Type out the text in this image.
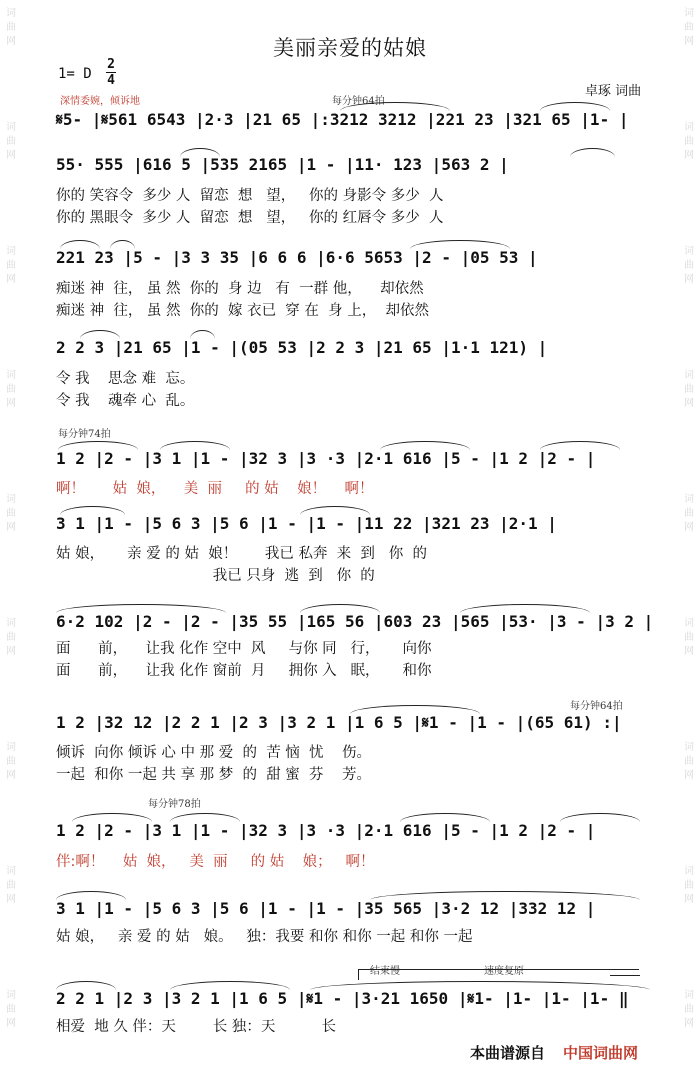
词
曲
网
词
曲
网
词
曲
网
词
曲
网
词
曲
网
词
曲
网
词
曲
网
词
曲
网
词
曲
网
词
曲
网
词
曲
网
词
曲
网
词
曲
网
词
曲
网
词
曲
网
词
曲
网
词
曲
网
词
曲
网
美丽亲爱的姑娘
1= D
2
4
卓琢 词曲
深情委婉，倾诉地	每分钟64拍
每分钟74拍
每分钟64拍
每分钟78拍
结束慢	速度复原
𝄋5- |𝄋561 6543 |2·3 |21 65 |:3212 3212 |221 23 |321 65 |1- |
55· 555 |616 5 |535 2165 |1 - |11· 123 |563 2 |
你的 笑容令  多少 人  留恋  想   望，   你的 身影令 多少  人
你的 黑眼令  多少 人  留恋  想   望，   你的 红唇令 多少  人
221 23 |5 - |3 3 35 |6 6 6 |6·6 5653 |2 - |05 53 |
痴迷 神  往， 虽 然  你的  身 边   有  一群 他，    却依然
痴迷 神  往， 虽 然  你的  嫁 衣已  穿 在  身 上，  却依然
2 2 3 |21 65 |1 - |(05 53 |2 2 3 |21 65 |1·1 121) |
令 我    思念 难  忘。
令 我    魂牵 心  乱。
1 2 |2 - |3 1 |1 - |32 3 |3 ·3 |2·1 616 |5 - |1 2 |2 - |
啊！      姑  娘，    美  丽     的 姑    娘！    啊！
3 1 |1 - |5 6 3 |5 6 |1 - |1 - |11 22 |321 23 |2·1 |
姑 娘，     亲 爱 的 姑  娘！      我已 私奔  来  到   你  的
我已 只身  逃  到   你  的
6·2 102 |2 - |2 - |35 55 |165 56 |603 23 |565 |53· |3 - |3 2 |
面      前，    让我 化作 空中  风     与你 同   行，     向你
面      前，    让我 化作 窗前  月     拥你 入   眠，     和你
1 2 |32 12 |2 2 1 |2 3 |3 2 1 |1 6 5 |𝄋1 - |1 - |(65 61) :|
倾诉  向你 倾诉 心 中 那 爱  的  苦 恼  忧    伤。
一起  和你 一起 共 享 那 梦  的  甜 蜜  芬    芳。
1 2 |2 - |3 1 |1 - |32 3 |3 ·3 |2·1 616 |5 - |1 2 |2 - |
伴:啊！    姑  娘，   美  丽     的 姑    娘；   啊！
3 1 |1 - |5 6 3 |5 6 |1 - |1 - |35 565 |3·2 12 |332 12 |
姑 娘，   亲 爱 的 姑   娘。   独：我要 和你 和你 一起 和你 一起
2 2 1 |2 3 |3 2 1 |1 6 5 |𝄋1 - |3·21 1650 |𝄋1- |1- |1- |1- ‖
相爱  地 久 伴：天        长 独：天          长
本曲谱源自 中国词曲网
